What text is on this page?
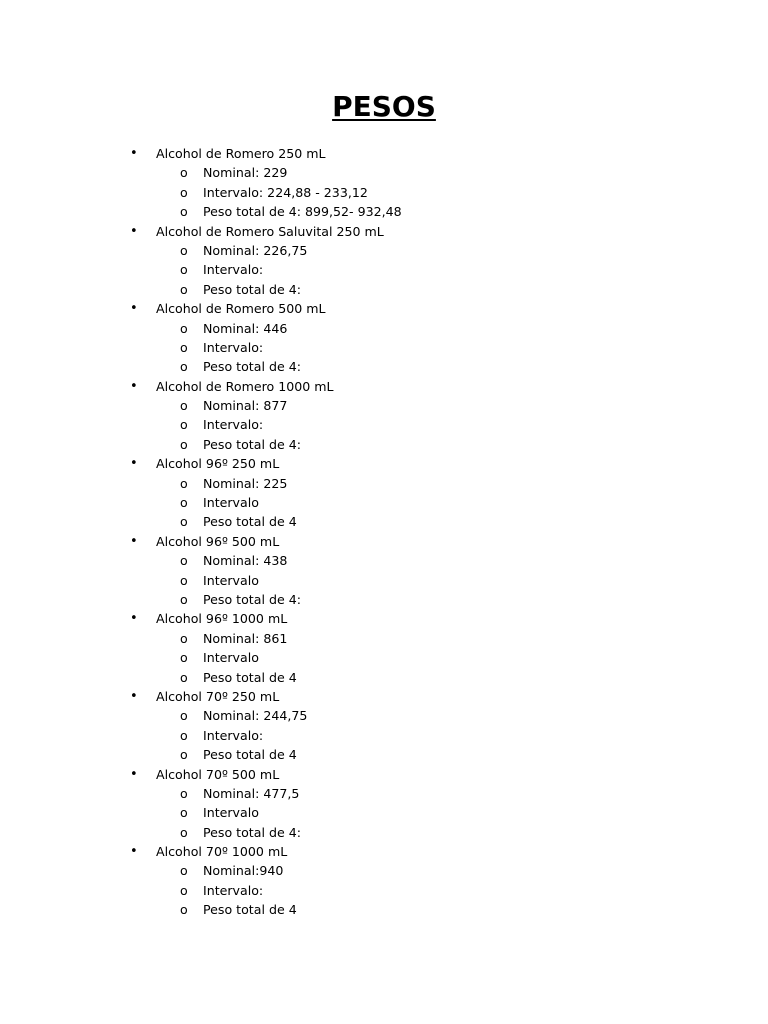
PESOS
• Alcohol de Romero 250 mL
o Nominal: 229
o Intervalo: 224,88 - 233,12
o Peso total de 4: 899,52- 932,48
• Alcohol de Romero Saluvital 250 mL
o Nominal: 226,75
o Intervalo:
o Peso total de 4:
• Alcohol de Romero 500 mL
o Nominal: 446
o Intervalo:
o Peso total de 4:
• Alcohol de Romero 1000 mL
o Nominal: 877
o Intervalo:
o Peso total de 4:
• Alcohol 96º 250 mL
o Nominal: 225
o Intervalo
o Peso total de 4
• Alcohol 96º 500 mL
o Nominal: 438
o Intervalo
o Peso total de 4:
• Alcohol 96º 1000 mL
o Nominal: 861
o Intervalo
o Peso total de 4
• Alcohol 70º 250 mL
o Nominal: 244,75
o Intervalo:
o Peso total de 4
• Alcohol 70º 500 mL
o Nominal: 477,5
o Intervalo
o Peso total de 4:
• Alcohol 70º 1000 mL
o Nominal:940
o Intervalo:
o Peso total de 4
